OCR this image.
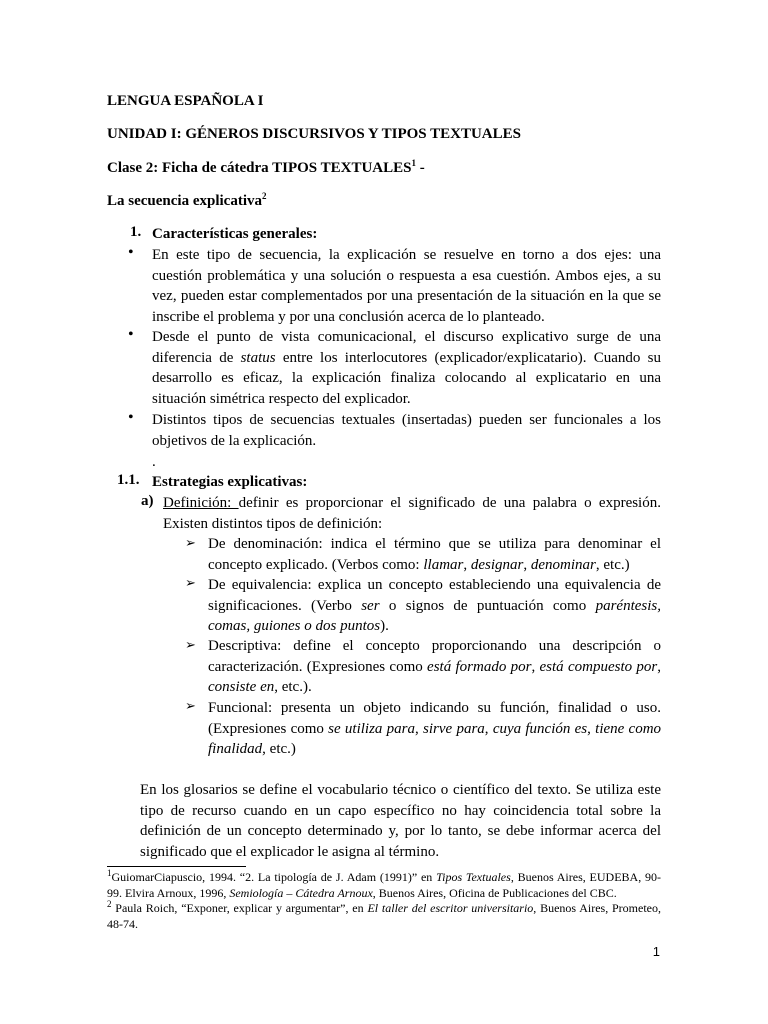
LENGUA ESPAÑOLA I
UNIDAD I: GÉNEROS DISCURSIVOS Y TIPOS TEXTUALES
Clase 2: Ficha de cátedra TIPOS TEXTUALES$^1$ -
La secuencia explicativa$^2$
1. Características generales:
• En este tipo de secuencia, la explicación se resuelve en torno a dos ejes: una cuestión problemática y una solución o respuesta a esa cuestión. Ambos ejes, a su vez, pueden estar complementados por una presentación de la situación en la que se inscribe el problema y por una conclusión acerca de lo planteado.
• Desde el punto de vista comunicacional, el discurso explicativo surge de una diferencia de status entre los interlocutores (explicador/explicatario). Cuando su desarrollo es eficaz, la explicación finaliza colocando al explicatario en una situación simétrica respecto del explicador.
• Distintos tipos de secuencias textuales (insertadas) pueden ser funcionales a los objetivos de la explicación.
.
1.1. Estrategias explicativas:
a) Definición: definir es proporcionar el significado de una palabra o expresión. Existen distintos tipos de definición:
➢ De denominación: indica el término que se utiliza para denominar el concepto explicado. (Verbos como: llamar, designar, denominar, etc.)
➢ De equivalencia: explica un concepto estableciendo una equivalencia de significaciones. (Verbo ser o signos de puntuación como paréntesis, comas, guiones o dos puntos).
➢ Descriptiva: define el concepto proporcionando una descripción o caracterización. (Expresiones como está formado por, está compuesto por, consiste en, etc.).
➢ Funcional: presenta un objeto indicando su función, finalidad o uso. (Expresiones como se utiliza para, sirve para, cuya función es, tiene como finalidad, etc.)
En los glosarios se define el vocabulario técnico o científico del texto. Se utiliza este tipo de recurso cuando en un capo específico no hay coincidencia total sobre la definición de un concepto determinado y, por lo tanto, se debe informar acerca del significado que el explicador le asigna al término.
$^1$GuiomarCiapuscio, 1994. “2. La tipología de J. Adam (1991)” en Tipos Textuales, Buenos Aires, EUDEBA, 90-99. Elvira Arnoux, 1996, Semiología – Cátedra Arnoux, Buenos Aires, Oficina de Publicaciones del CBC.
$^2$ Paula Roich, “Exponer, explicar y argumentar”, en El taller del escritor universitario, Buenos Aires, Prometeo, 48-74.
1
